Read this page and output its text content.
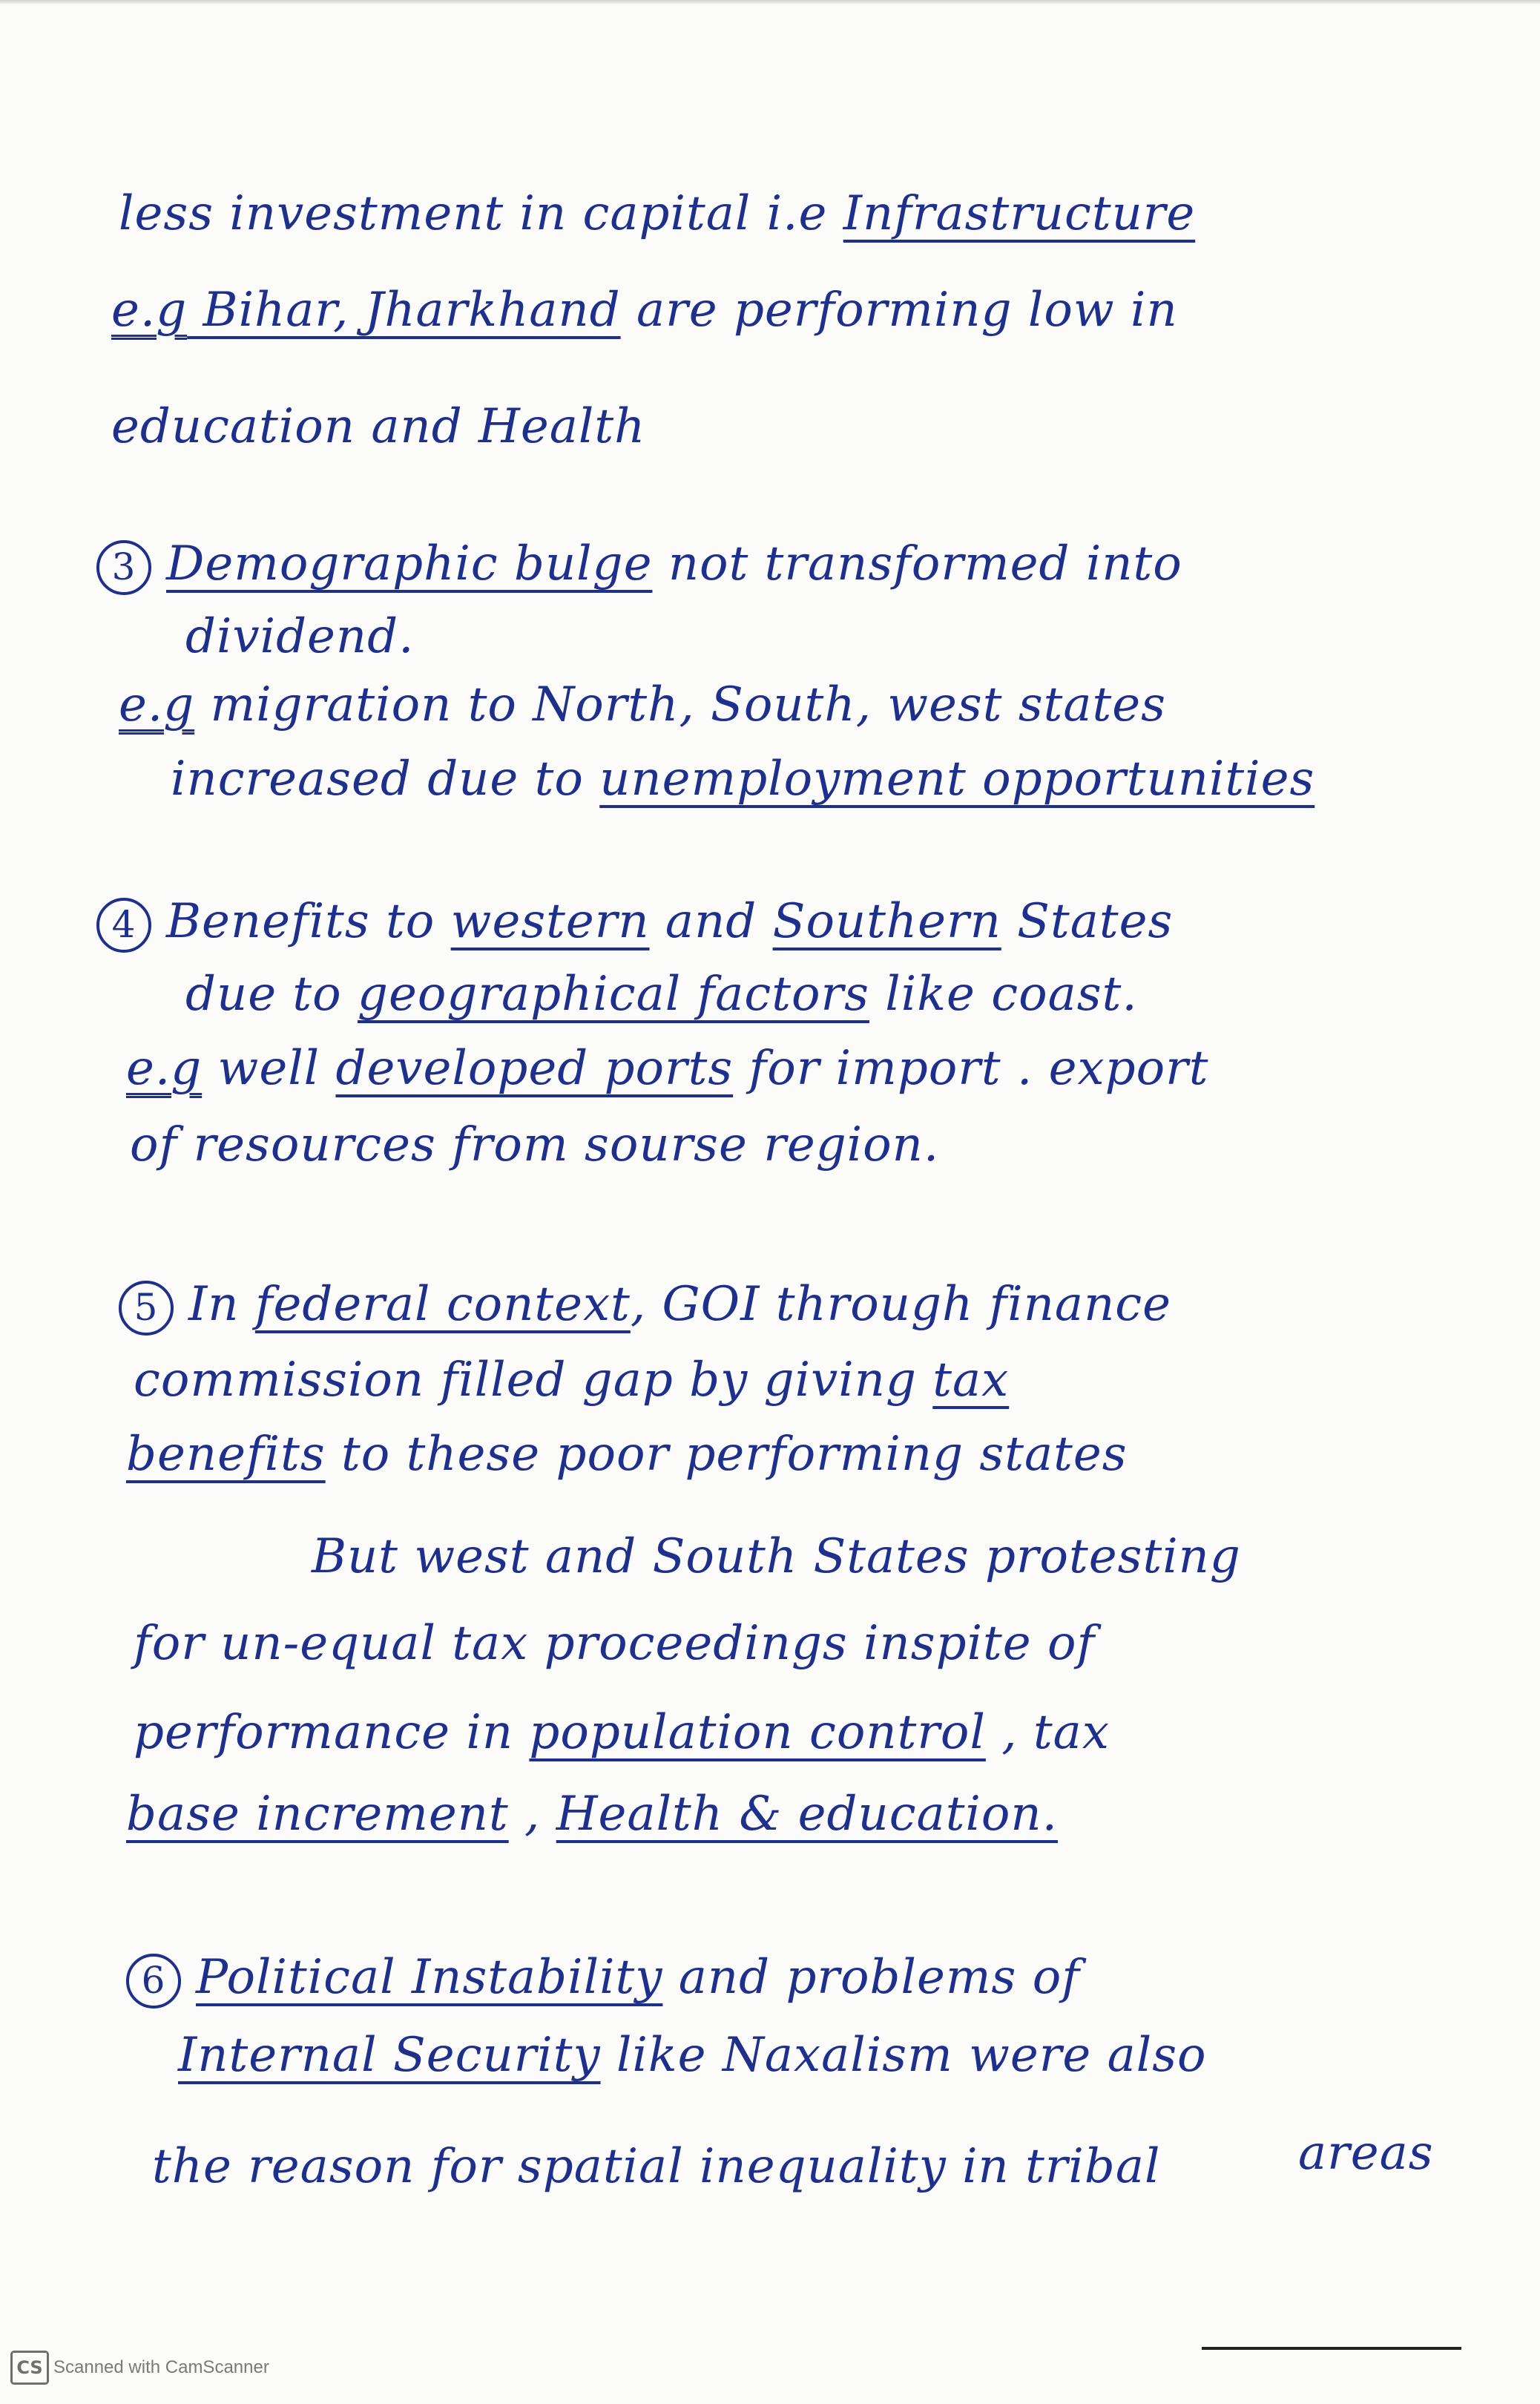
less investment in capital i.e Infrastructure
e.g Bihar, Jharkhand are performing low in
education and Health
3 Demographic bulge not transformed into
dividend.
e.g migration to North, South, west states
increased due to unemployment opportunities
4 Benefits to western and Southern States
due to geographical factors like coast.
e.g well developed ports for import . export
of resources from sourse region.
5 In federal context, GOI through finance
commission filled gap by giving tax
benefits to these poor performing states
But west and South States protesting
for un-equal tax proceedings inspite of
performance in population control , tax
base increment , Health & education.
6 Political Instability and problems of
Internal Security like Naxalism were also
the reason for spatial inequality in tribal	areas
CS Scanned with CamScanner
